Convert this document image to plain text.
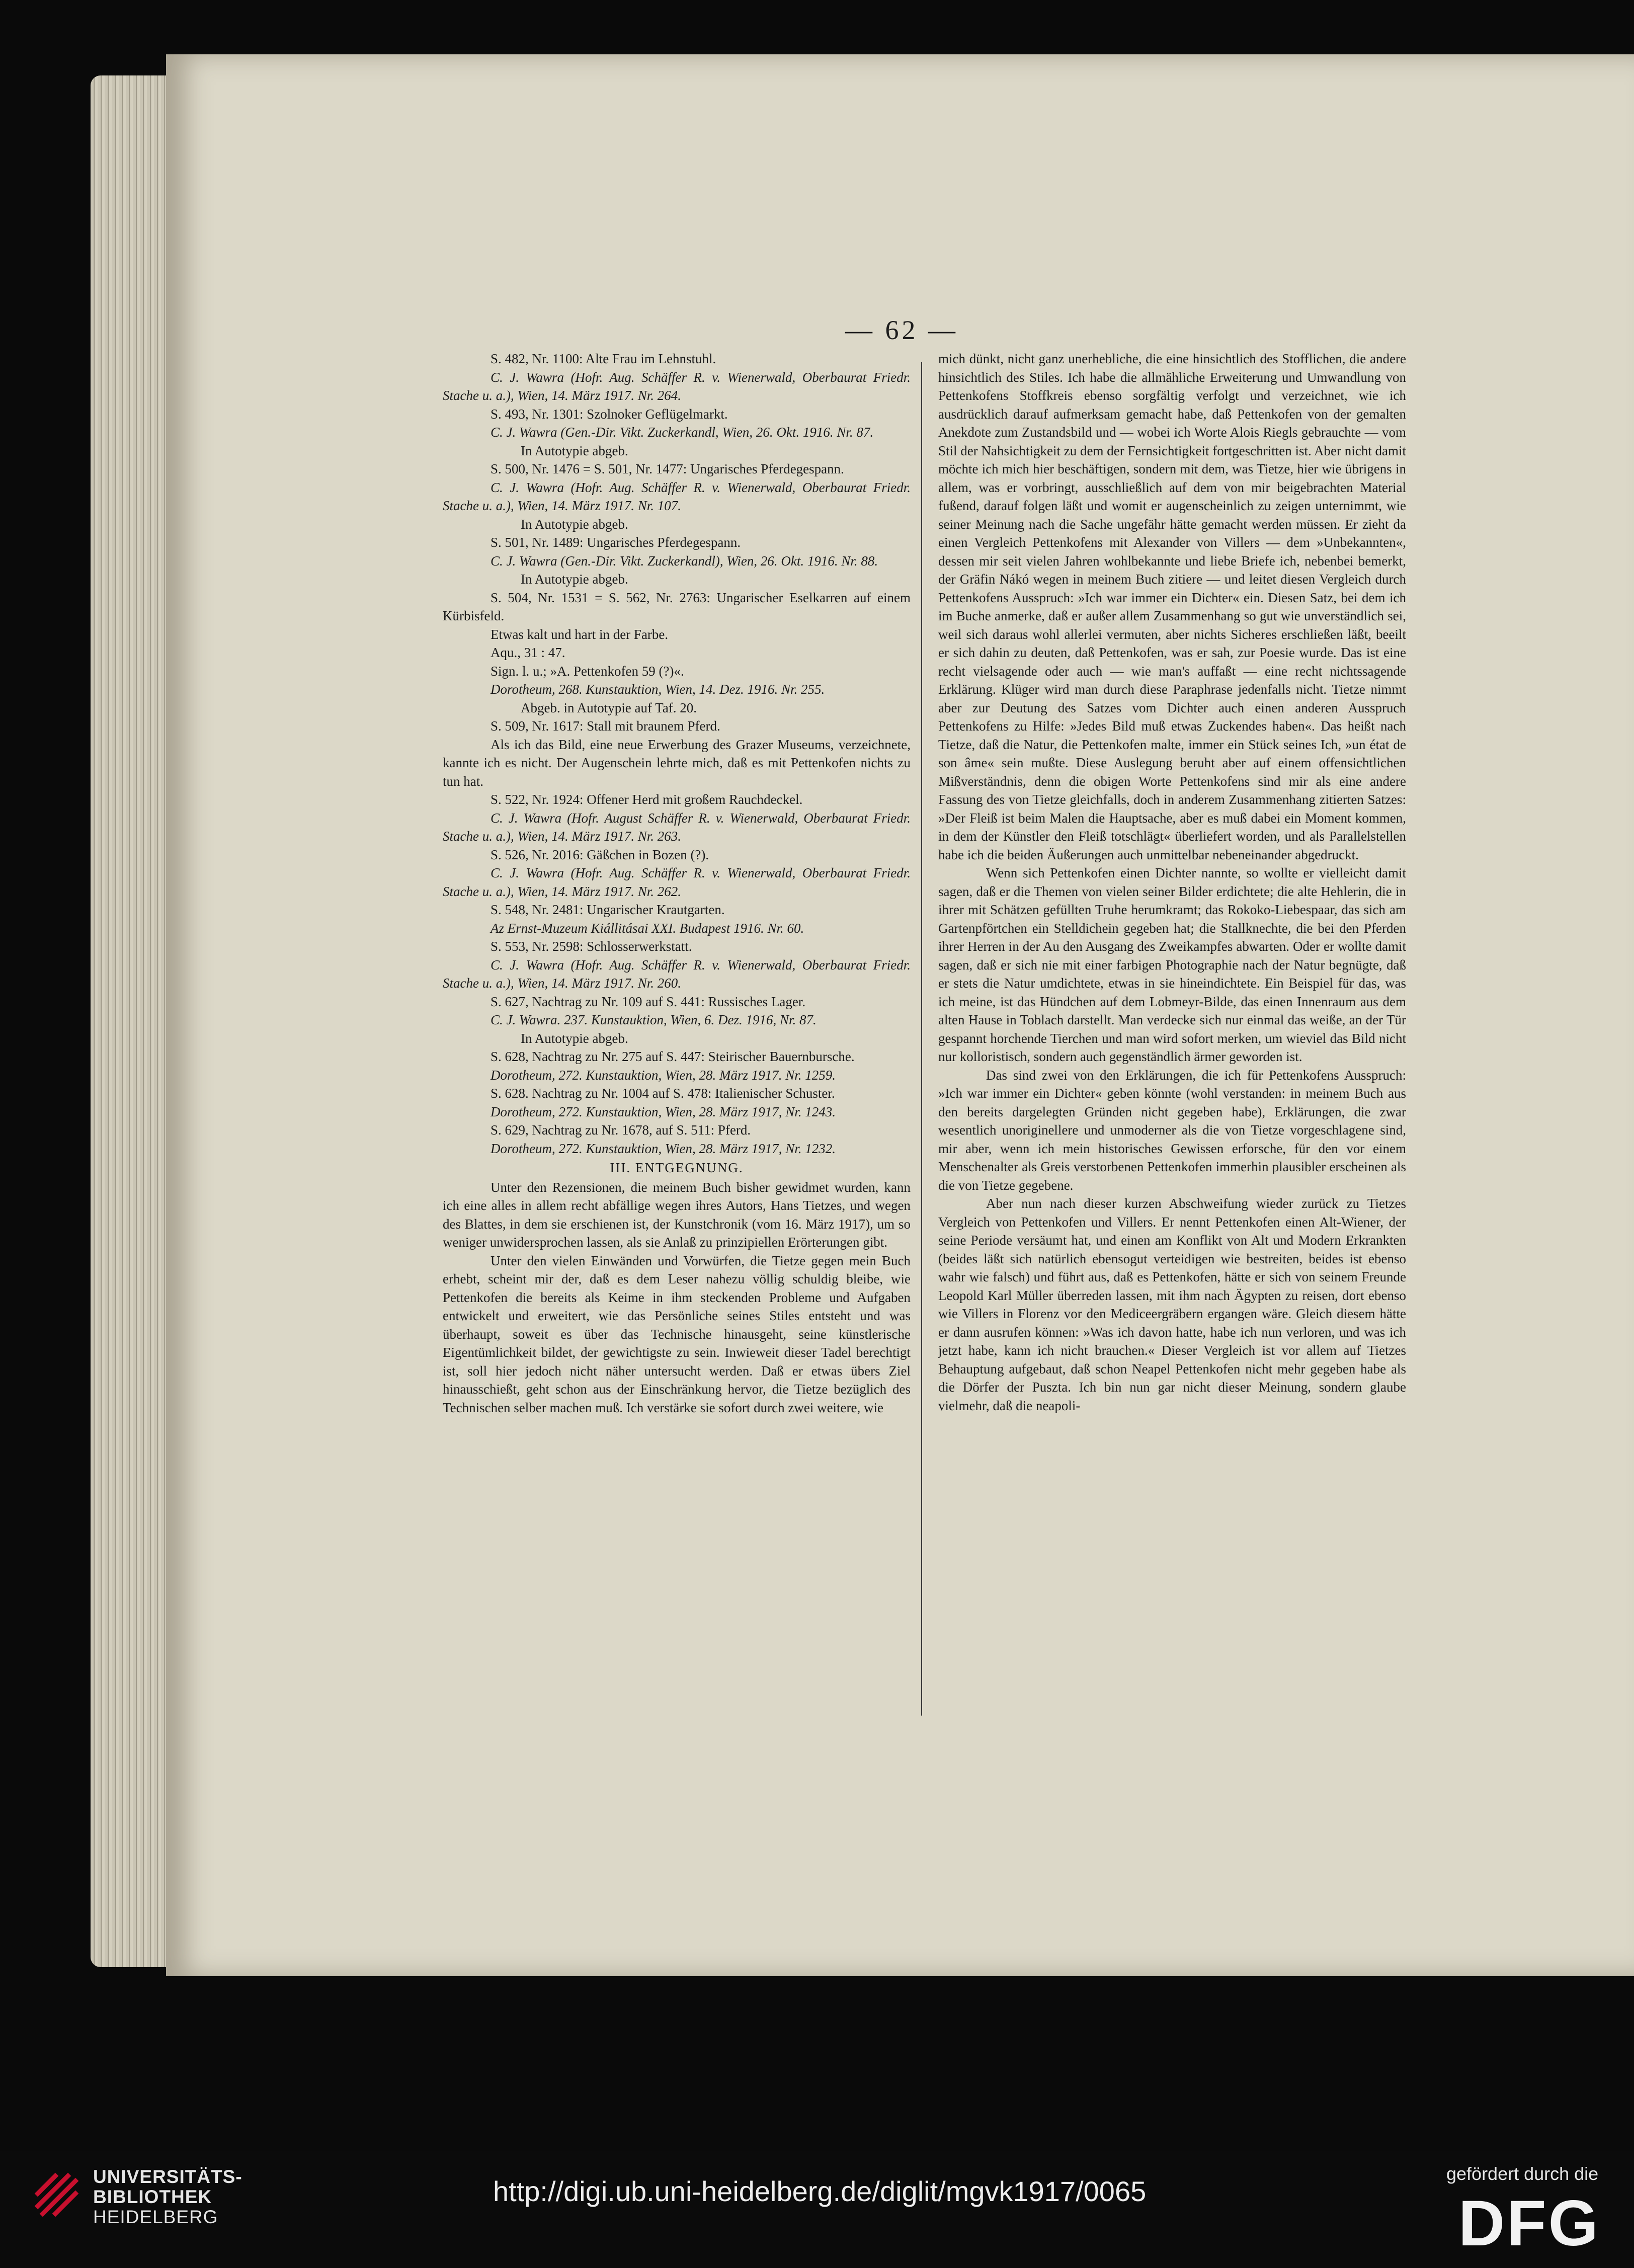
— 62 —

S. 482, Nr. 1100: Alte Frau im Lehnstuhl.

C. J. Wawra (Hofr. Aug. Schäffer R. v. Wienerwald, Oberbaurat Friedr. Stache u. a.), Wien, 14. März 1917. Nr. 264.

S. 493, Nr. 1301: Szolnoker Geflügelmarkt.

C. J. Wawra (Gen.-Dir. Vikt. Zuckerkandl, Wien, 26. Okt. 1916. Nr. 87.

In Autotypie abgeb.

S. 500, Nr. 1476 = S. 501, Nr. 1477: Ungarisches Pferdegespann.

C. J. Wawra (Hofr. Aug. Schäffer R. v. Wienerwald, Oberbaurat Friedr. Stache u. a.), Wien, 14. März 1917. Nr. 107.

In Autotypie abgeb.

S. 501, Nr. 1489: Ungarisches Pferdegespann.

C. J. Wawra (Gen.-Dir. Vikt. Zuckerkandl), Wien, 26. Okt. 1916. Nr. 88.

In Autotypie abgeb.

S. 504, Nr. 1531 = S. 562, Nr. 2763: Ungarischer Eselkarren auf einem Kürbisfeld.

Etwas kalt und hart in der Farbe.

Aqu., 31 : 47.

Sign. l. u.; »A. Pettenkofen 59 (?)«.

Dorotheum, 268. Kunstauktion, Wien, 14. Dez. 1916. Nr. 255.

Abgeb. in Autotypie auf Taf. 20.

S. 509, Nr. 1617: Stall mit braunem Pferd.

Als ich das Bild, eine neue Erwerbung des Grazer Museums, verzeichnete, kannte ich es nicht. Der Augenschein lehrte mich, daß es mit Pettenkofen nichts zu tun hat.

S. 522, Nr. 1924: Offener Herd mit großem Rauchdeckel.

C. J. Wawra (Hofr. August Schäffer R. v. Wienerwald, Oberbaurat Friedr. Stache u. a.), Wien, 14. März 1917. Nr. 263.

S. 526, Nr. 2016: Gäßchen in Bozen (?).

C. J. Wawra (Hofr. Aug. Schäffer R. v. Wienerwald, Oberbaurat Friedr. Stache u. a.), Wien, 14. März 1917. Nr. 262.

S. 548, Nr. 2481: Ungarischer Krautgarten.

Az Ernst-Muzeum Kiállitásai XXI. Budapest 1916. Nr. 60.

S. 553, Nr. 2598: Schlosserwerkstatt.

C. J. Wawra (Hofr. Aug. Schäffer R. v. Wienerwald, Oberbaurat Friedr. Stache u. a.), Wien, 14. März 1917. Nr. 260.

S. 627, Nachtrag zu Nr. 109 auf S. 441: Russisches Lager.

C. J. Wawra. 237. Kunstauktion, Wien, 6. Dez. 1916, Nr. 87.

In Autotypie abgeb.

S. 628, Nachtrag zu Nr. 275 auf S. 447: Steirischer Bauernbursche.

Dorotheum, 272. Kunstauktion, Wien, 28. März 1917. Nr. 1259.

S. 628. Nachtrag zu Nr. 1004 auf S. 478: Italienischer Schuster.

Dorotheum, 272. Kunstauktion, Wien, 28. März 1917, Nr. 1243.

S. 629, Nachtrag zu Nr. 1678, auf S. 511: Pferd.

Dorotheum, 272. Kunstauktion, Wien, 28. März 1917, Nr. 1232.

III. ENTGEGNUNG.

Unter den Rezensionen, die meinem Buch bisher gewidmet wurden, kann ich eine alles in allem recht abfällige wegen ihres Autors, Hans Tietzes, und wegen des Blattes, in dem sie erschienen ist, der Kunstchronik (vom 16. März 1917), um so weniger unwidersprochen lassen, als sie Anlaß zu prinzipiellen Erörterungen gibt.

Unter den vielen Einwänden und Vorwürfen, die Tietze gegen mein Buch erhebt, scheint mir der, daß es dem Leser nahezu völlig schuldig bleibe, wie Pettenkofen die bereits als Keime in ihm steckenden Probleme und Aufgaben entwickelt und erweitert, wie das Persönliche seines Stiles entsteht und was überhaupt, soweit es über das Technische hinausgeht, seine künstlerische Eigentümlichkeit bildet, der gewichtigste zu sein. Inwieweit dieser Tadel berechtigt ist, soll hier jedoch nicht näher untersucht werden. Daß er etwas übers Ziel hinausschießt, geht schon aus der Einschränkung hervor, die Tietze bezüglich des Technischen selber machen muß. Ich verstärke sie sofort durch zwei weitere, wie

mich dünkt, nicht ganz unerhebliche, die eine hinsichtlich des Stofflichen, die andere hinsichtlich des Stiles. Ich habe die allmähliche Erweiterung und Umwandlung von Pettenkofens Stoffkreis ebenso sorgfältig verfolgt und verzeichnet, wie ich ausdrücklich darauf aufmerksam gemacht habe, daß Pettenkofen von der gemalten Anekdote zum Zustandsbild und — wobei ich Worte Alois Riegls gebrauchte — vom Stil der Nahsichtigkeit zu dem der Fernsichtigkeit fortgeschritten ist. Aber nicht damit möchte ich mich hier beschäftigen, sondern mit dem, was Tietze, hier wie übrigens in allem, was er vorbringt, ausschließlich auf dem von mir beigebrachten Material fußend, darauf folgen läßt und womit er augenscheinlich zu zeigen unternimmt, wie seiner Meinung nach die Sache ungefähr hätte gemacht werden müssen. Er zieht da einen Vergleich Pettenkofens mit Alexander von Villers — dem »Unbekannten«, dessen mir seit vielen Jahren wohlbekannte und liebe Briefe ich, nebenbei bemerkt, der Gräfin Nákó wegen in meinem Buch zitiere — und leitet diesen Vergleich durch Pettenkofens Ausspruch: »Ich war immer ein Dichter« ein. Diesen Satz, bei dem ich im Buche anmerke, daß er außer allem Zusammenhang so gut wie unverständlich sei, weil sich daraus wohl allerlei vermuten, aber nichts Sicheres erschließen läßt, beeilt er sich dahin zu deuten, daß Pettenkofen, was er sah, zur Poesie wurde. Das ist eine recht vielsagende oder auch — wie man's auffaßt — eine recht nichtssagende Erklärung. Klüger wird man durch diese Paraphrase jedenfalls nicht. Tietze nimmt aber zur Deutung des Satzes vom Dichter auch einen anderen Ausspruch Pettenkofens zu Hilfe: »Jedes Bild muß etwas Zuckendes haben«. Das heißt nach Tietze, daß die Natur, die Pettenkofen malte, immer ein Stück seines Ich, »un état de son âme« sein mußte. Diese Auslegung beruht aber auf einem offensichtlichen Mißverständnis, denn die obigen Worte Pettenkofens sind mir als eine andere Fassung des von Tietze gleichfalls, doch in anderem Zusammenhang zitierten Satzes: »Der Fleiß ist beim Malen die Hauptsache, aber es muß dabei ein Moment kommen, in dem der Künstler den Fleiß totschlägt« überliefert worden, und als Parallelstellen habe ich die beiden Äußerungen auch unmittelbar nebeneinander abgedruckt.

Wenn sich Pettenkofen einen Dichter nannte, so wollte er vielleicht damit sagen, daß er die Themen von vielen seiner Bilder erdichtete; die alte Hehlerin, die in ihrer mit Schätzen gefüllten Truhe herumkramt; das Rokoko-Liebespaar, das sich am Gartenpförtchen ein Stelldichein gegeben hat; die Stallknechte, die bei den Pferden ihrer Herren in der Au den Ausgang des Zweikampfes abwarten. Oder er wollte damit sagen, daß er sich nie mit einer farbigen Photographie nach der Natur begnügte, daß er stets die Natur umdichtete, etwas in sie hineindichtete. Ein Beispiel für das, was ich meine, ist das Hündchen auf dem Lobmeyr-Bilde, das einen Innenraum aus dem alten Hause in Toblach darstellt. Man verdecke sich nur einmal das weiße, an der Tür gespannt horchende Tierchen und man wird sofort merken, um wieviel das Bild nicht nur kolloristisch, sondern auch gegenständlich ärmer geworden ist.

Das sind zwei von den Erklärungen, die ich für Pettenkofens Ausspruch: »Ich war immer ein Dichter« geben könnte (wohl verstanden: in meinem Buch aus den bereits dargelegten Gründen nicht gegeben habe), Erklärungen, die zwar wesentlich unoriginellere und unmoderner als die von Tietze vorgeschlagene sind, mir aber, wenn ich mein historisches Gewissen erforsche, für den vor einem Menschenalter als Greis verstorbenen Pettenkofen immerhin plausibler erscheinen als die von Tietze gegebene.

Aber nun nach dieser kurzen Abschweifung wieder zurück zu Tietzes Vergleich von Pettenkofen und Villers. Er nennt Pettenkofen einen Alt-Wiener, der seine Periode versäumt hat, und einen am Konflikt von Alt und Modern Erkrankten (beides läßt sich natürlich ebensogut verteidigen wie bestreiten, beides ist ebenso wahr wie falsch) und führt aus, daß es Pettenkofen, hätte er sich von seinem Freunde Leopold Karl Müller überreden lassen, mit ihm nach Ägypten zu reisen, dort ebenso wie Villers in Florenz vor den Mediceergräbern ergangen wäre. Gleich diesem hätte er dann ausrufen können: »Was ich davon hatte, habe ich nun verloren, und was ich jetzt habe, kann ich nicht brauchen.« Dieser Vergleich ist vor allem auf Tietzes Behauptung aufgebaut, daß schon Neapel Pettenkofen nicht mehr gegeben habe als die Dörfer der Puszta. Ich bin nun gar nicht dieser Meinung, sondern glaube vielmehr, daß die neapoli-

UNIVERSITÄTS-
BIBLIOTHEK
HEIDELBERG
http://digi.ub.uni-heidelberg.de/diglit/mgvk1917/0065
gefördert durch die
DFG
